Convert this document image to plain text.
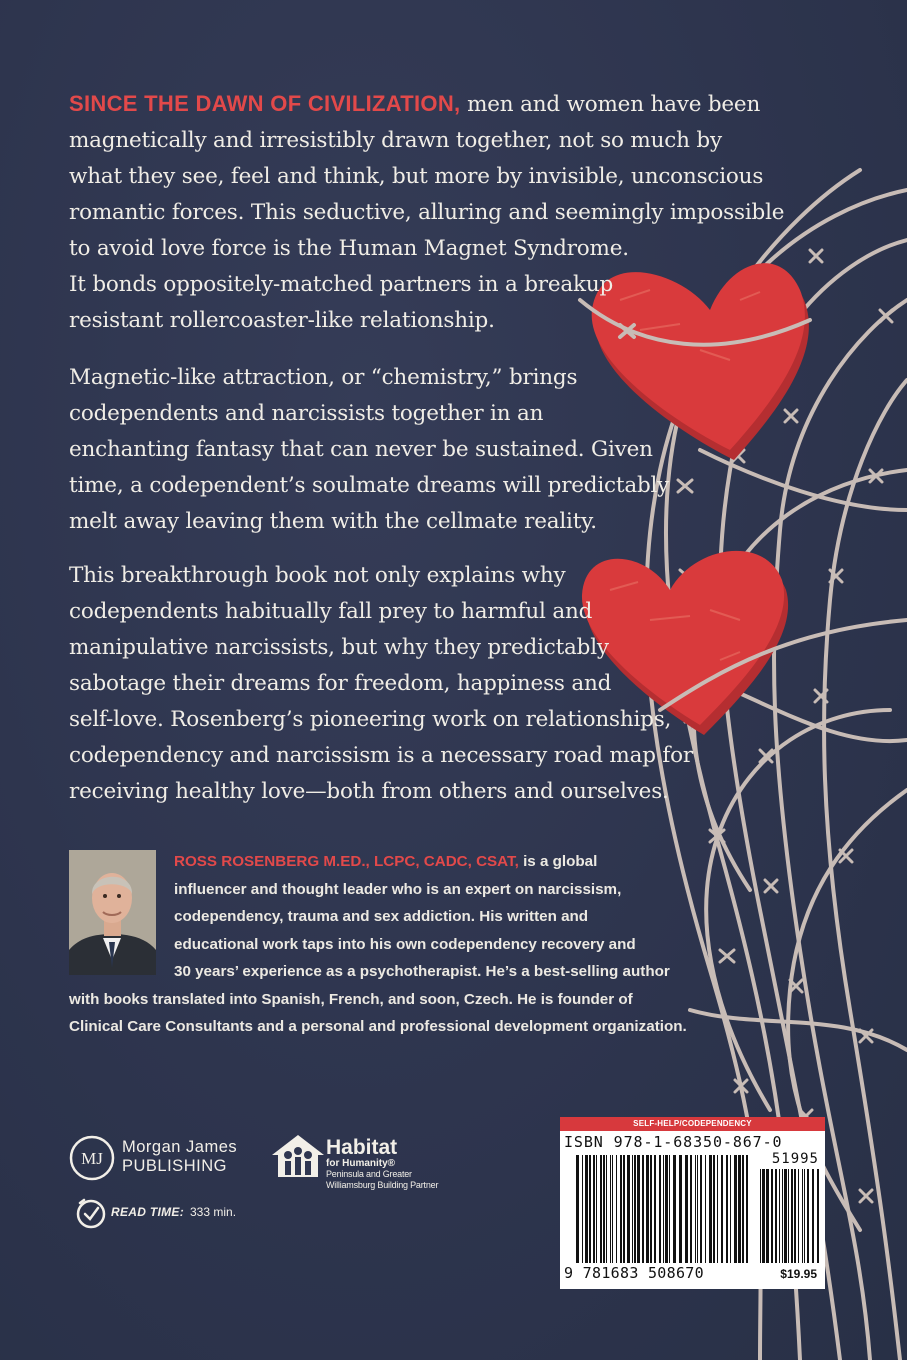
SINCE THE DAWN OF CIVILIZATION, men and women have been
magnetically and irresistibly drawn together, not so much by
what they see, feel and think, but more by invisible, unconscious
romantic forces. This seductive, alluring and seemingly impossible
to avoid love force is the Human Magnet Syndrome.
It bonds oppositely-matched partners in a breakup
resistant rollercoaster-like relationship.

Magnetic-like attraction, or “chemistry,” brings
codependents and narcissists together in an
enchanting fantasy that can never be sustained. Given
time, a codependent’s soulmate dreams will predictably
melt away leaving them with the cellmate reality.

This breakthrough book not only explains why
codependents habitually fall prey to harmful and
manipulative narcissists, but why they predictably
sabotage their dreams for freedom, happiness and
self-love. Rosenberg’s pioneering work on relationships,
codependency and narcissism is a necessary road map for
receiving healthy love—both from others and ourselves.

ROSS ROSENBERG M.ED., LCPC, CADC, CSAT, is a global
influencer and thought leader who is an expert on narcissism,
codependency, trauma and sex addiction. His written and
educational work taps into his own codependency recovery and
30 years’ experience as a psychotherapist. He’s a best-selling author
with books translated into Spanish, French, and soon, Czech. He is founder of
Clinical Care Consultants and a personal and professional development organization.
MJ
Morgan James
PUBLISHING
Habitat
for Humanity®
Peninsula and Greater
Williamsburg Building Partner
READ TIME: 333 min.
SELF-HELP/CODEPENDENCY
ISBN 978-1-68350-867-0
51995
9 781683 508670	$19.95
